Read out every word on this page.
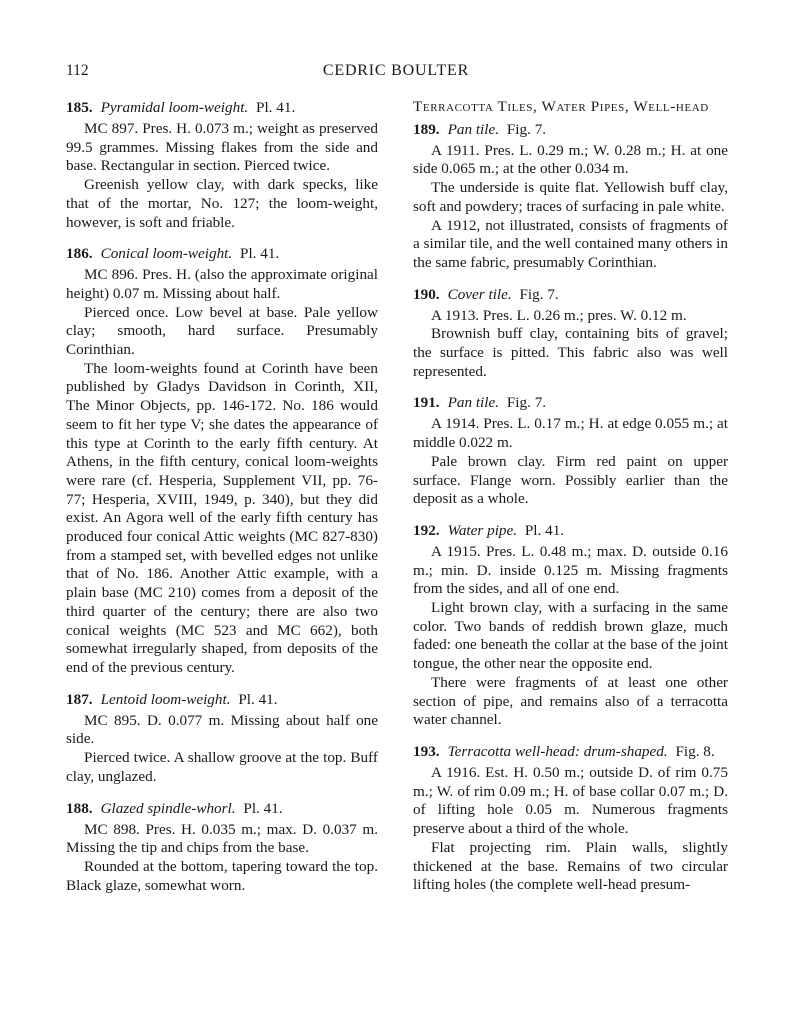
112	CEDRIC BOULTER
185. Pyramidal loom-weight. Pl. 41.

MC 897. Pres. H. 0.073 m.; weight as preserved 99.5 grammes. Missing flakes from the side and base. Rectangular in section. Pierced twice.

Greenish yellow clay, with dark specks, like that of the mortar, No. 127; the loom-weight, however, is soft and friable.

186. Conical loom-weight. Pl. 41.

MC 896. Pres. H. (also the approximate original height) 0.07 m. Missing about half.

Pierced once. Low bevel at base. Pale yellow clay; smooth, hard surface. Presumably Corinthian.

The loom-weights found at Corinth have been published by Gladys Davidson in Corinth, XII, The Minor Objects, pp. 146-172. No. 186 would seem to fit her type V; she dates the appearance of this type at Corinth to the early fifth century. At Athens, in the fifth century, conical loom-weights were rare (cf. Hesperia, Supplement VII, pp. 76-77; Hesperia, XVIII, 1949, p. 340), but they did exist. An Agora well of the early fifth century has produced four conical Attic weights (MC 827-830) from a stamped set, with bevelled edges not unlike that of No. 186. Another Attic example, with a plain base (MC 210) comes from a deposit of the third quarter of the century; there are also two conical weights (MC 523 and MC 662), both somewhat irregularly shaped, from deposits of the end of the previous century.

187. Lentoid loom-weight. Pl. 41.

MC 895. D. 0.077 m. Missing about half one side.

Pierced twice. A shallow groove at the top. Buff clay, unglazed.

188. Glazed spindle-whorl. Pl. 41.

MC 898. Pres. H. 0.035 m.; max. D. 0.037 m. Missing the tip and chips from the base.

Rounded at the bottom, tapering toward the top. Black glaze, somewhat worn.

Terracotta Tiles, Water Pipes, Well-head
189. Pan tile. Fig. 7.

A 1911. Pres. L. 0.29 m.; W. 0.28 m.; H. at one side 0.065 m.; at the other 0.034 m.

The underside is quite flat. Yellowish buff clay, soft and powdery; traces of surfacing in pale white.

A 1912, not illustrated, consists of fragments of a similar tile, and the well contained many others in the same fabric, presumably Corinthian.

190. Cover tile. Fig. 7.

A 1913. Pres. L. 0.26 m.; pres. W. 0.12 m.

Brownish buff clay, containing bits of gravel; the surface is pitted. This fabric also was well represented.

191. Pan tile. Fig. 7.

A 1914. Pres. L. 0.17 m.; H. at edge 0.055 m.; at middle 0.022 m.

Pale brown clay. Firm red paint on upper surface. Flange worn. Possibly earlier than the deposit as a whole.

192. Water pipe. Pl. 41.

A 1915. Pres. L. 0.48 m.; max. D. outside 0.16 m.; min. D. inside 0.125 m. Missing fragments from the sides, and all of one end.

Light brown clay, with a surfacing in the same color. Two bands of reddish brown glaze, much faded: one beneath the collar at the base of the joint tongue, the other near the opposite end.

There were fragments of at least one other section of pipe, and remains also of a terracotta water channel.

193. Terracotta well-head: drum-shaped. Fig. 8.

A 1916. Est. H. 0.50 m.; outside D. of rim 0.75 m.; W. of rim 0.09 m.; H. of base collar 0.07 m.; D. of lifting hole 0.05 m. Numerous fragments preserve about a third of the whole.

Flat projecting rim. Plain walls, slightly thickened at the base. Remains of two circular lifting holes (the complete well-head presum-
